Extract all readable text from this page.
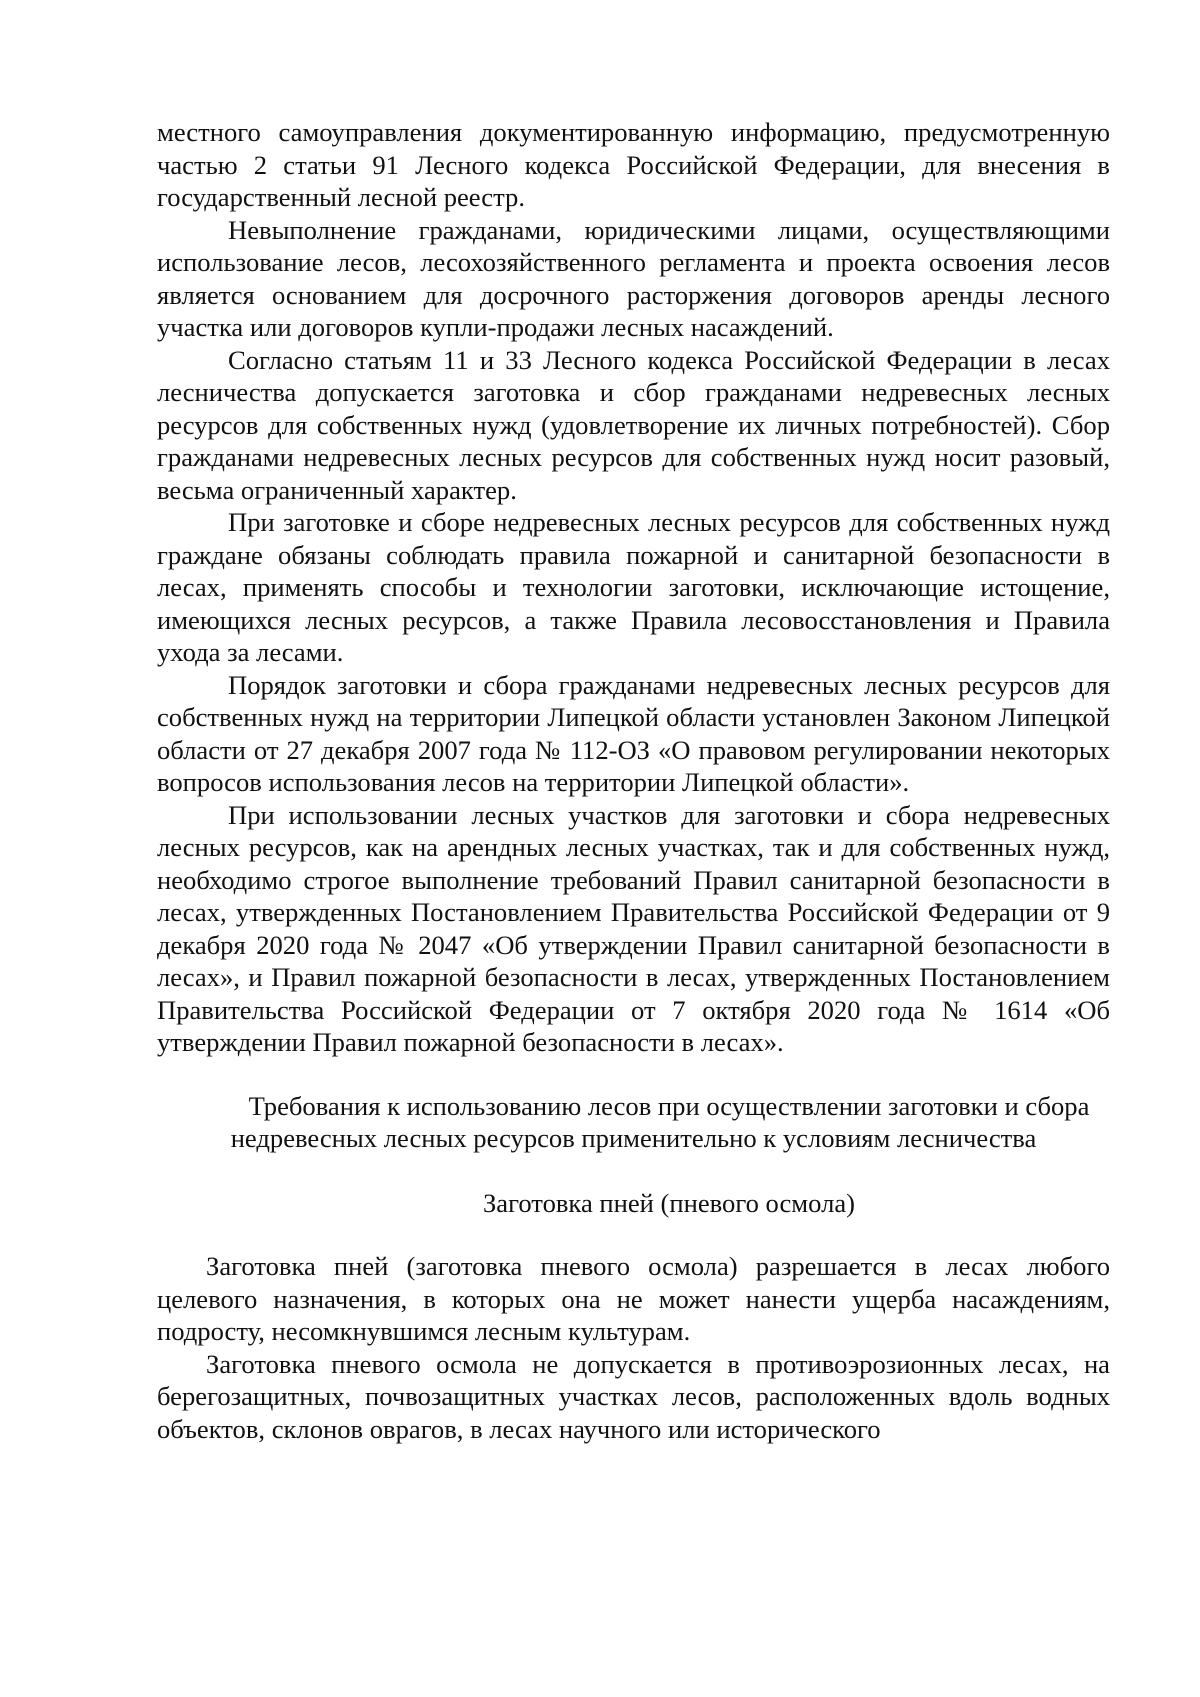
местного самоуправления документированную информацию, предусмотренную частью 2 статьи 91 Лесного кодекса Российской Федерации, для внесения в государственный лесной реестр.

Невыполнение гражданами, юридическими лицами, осуществляющими использование лесов, лесохозяйственного регламента и проекта освоения лесов является основанием для досрочного расторжения договоров аренды лесного участка или договоров купли-продажи лесных насаждений.

Согласно статьям 11 и 33 Лесного кодекса Российской Федерации в лесах лесничества допускается заготовка и сбор гражданами недревесных лесных ресурсов для собственных нужд (удовлетворение их личных потребностей). Сбор гражданами недревесных лесных ресурсов для собственных нужд носит разовый, весьма ограниченный характер.

При заготовке и сборе недревесных лесных ресурсов для собственных нужд граждане обязаны соблюдать правила пожарной и санитарной безопасности в лесах, применять способы и технологии заготовки, исключающие истощение, имеющихся лесных ресурсов, а также Правила лесовосстановления и Правила ухода за лесами.

Порядок заготовки и сбора гражданами недревесных лесных ресурсов для собственных нужд на территории Липецкой области установлен Законом Липецкой области от 27 декабря 2007 года № 112-ОЗ «О правовом регулировании некоторых вопросов использования лесов на территории Липецкой области».

При использовании лесных участков для заготовки и сбора недревесных лесных ресурсов, как на арендных лесных участках, так и для собственных нужд, необходимо строгое выполнение требований Правил санитарной безопасности в лесах, утвержденных Постановлением Правительства Российской Федерации от 9 декабря 2020 года № 2047 «Об утверждении Правил санитарной безопасности в лесах», и Правил пожарной безопасности в лесах, утвержденных Постановлением Правительства Российской Федерации от 7 октября 2020 года № 1614 «Об утверждении Правил пожарной безопасности в лесах».

Требования к использованию лесов при осуществлении заготовки и сбора недревесных лесных ресурсов применительно к условиям лесничества
Заготовка пней (пневого осмола)

Заготовка пней (заготовка пневого осмола) разрешается в лесах любого целевого назначения, в которых она не может нанести ущерба насаждениям, подросту, несомкнувшимся лесным культурам.

Заготовка пневого осмола не допускается в противоэрозионных лесах, на берегозащитных, почвозащитных участках лесов, расположенных вдоль водных объектов, склонов оврагов, в лесах научного или исторического
